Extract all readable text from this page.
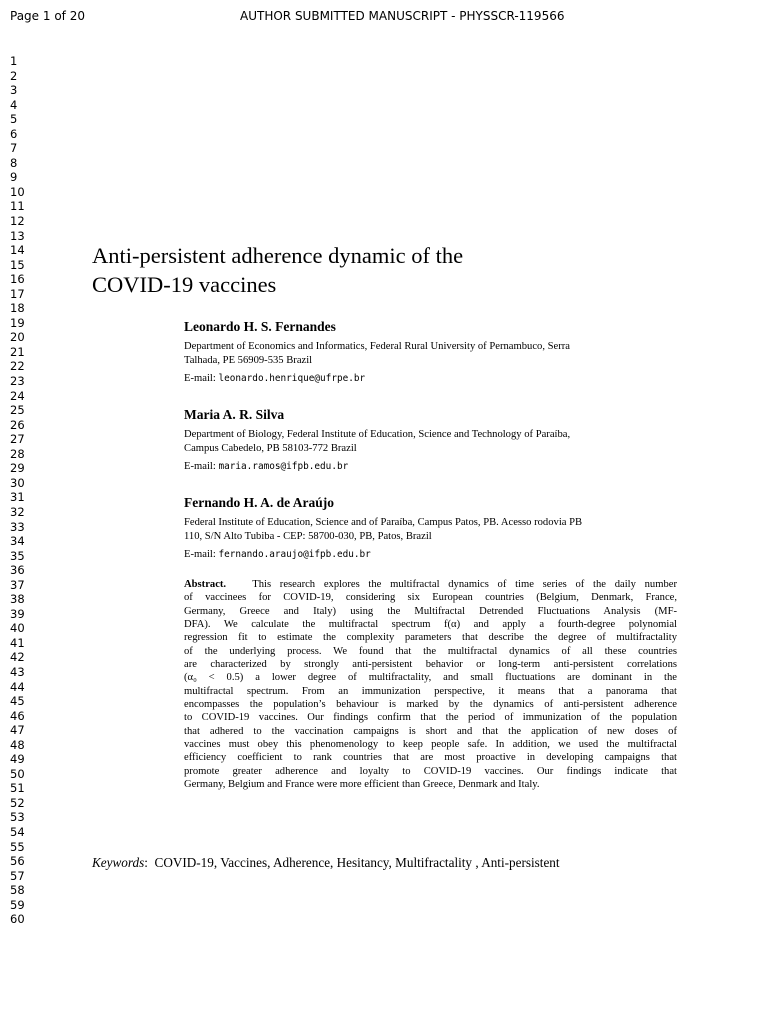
Page 1 of 20	AUTHOR SUBMITTED MANUSCRIPT - PHYSSCR-119566
1
2
3
4
5
6
7
8
9
10
11
12
13
14
15
16
17
18
19
20
21
22
23
24
25
26
27
28
29
30
31
32
33
34
35
36
37
38
39
40
41
42
43
44
45
46
47
48
49
50
51
52
53
54
55
56
57
58
59
60
Anti-persistent adherence dynamic of the
COVID-19 vaccines

Leonardo H. S. Fernandes

Department of Economics and Informatics, Federal Rural University of Pernambuco, Serra
Talhada, PE 56909-535 Brazil

E-mail: leonardo.henrique@ufrpe.br

Maria A. R. Silva

Department of Biology, Federal Institute of Education, Science and Technology of Paraíba,
Campus Cabedelo, PB 58103-772 Brazil

E-mail: maria.ramos@ifpb.edu.br

Fernando H. A. de Araújo

Federal Institute of Education, Science and of Paraíba, Campus Patos, PB. Acesso rodovia PB
110, S/N Alto Tubiba - CEP: 58700-030, PB, Patos, Brazil

E-mail: fernando.araujo@ifpb.edu.br

Abstract. This research explores the multifractal dynamics of time series of the daily number
of vaccinees for COVID-19, considering six European countries (Belgium, Denmark, France,
Germany, Greece and Italy) using the Multifractal Detrended Fluctuations Analysis (MF-
DFA). We calculate the multifractal spectrum f(α) and apply a fourth-degree polynomial
regression fit to estimate the complexity parameters that describe the degree of multifractality
of the underlying process. We found that the multifractal dynamics of all these countries
are characterized by strongly anti-persistent behavior or long-term anti-persistent correlations
(α₀ < 0.5) a lower degree of multifractality, and small fluctuations are dominant in the
multifractal spectrum. From an immunization perspective, it means that a panorama that
encompasses the population’s behaviour is marked by the dynamics of anti-persistent adherence
to COVID-19 vaccines. Our findings confirm that the period of immunization of the population
that adhered to the vaccination campaigns is short and that the application of new doses of
vaccines must obey this phenomenology to keep people safe. In addition, we used the multifractal
efficiency coefficient to rank countries that are most proactive in developing campaigns that
promote greater adherence and loyalty to COVID-19 vaccines. Our findings indicate that
Germany, Belgium and France were more efficient than Greece, Denmark and Italy.
Keywords:  COVID-19, Vaccines, Adherence, Hesitancy, Multifractality , Anti-persistent
